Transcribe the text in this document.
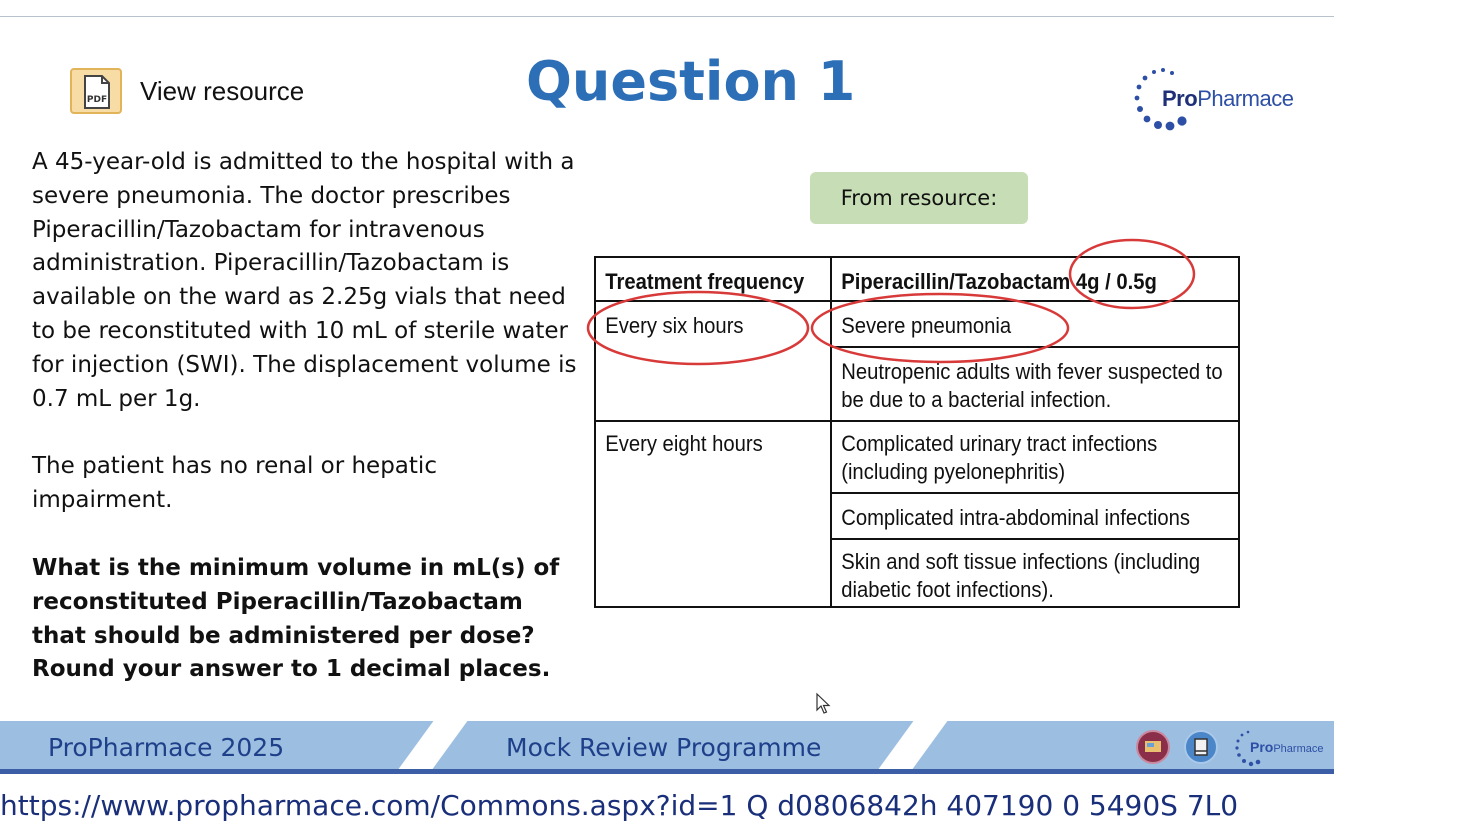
PDF View resource	Question 1	ProPharmace

A 45-year-old is admitted to the hospital with a severe pneumonia. The doctor prescribes Piperacillin/Tazobactam for intravenous administration. Piperacillin/Tazobactam is available on the ward as 2.25g vials that need to be reconstituted with 10 mL of sterile water for injection (SWI). The displacement volume is 0.7 mL per 1g.

The patient has no renal or hepatic impairment.

What is the minimum volume in mL(s) of reconstituted Piperacillin/Tazobactam that should be administered per dose? Round your answer to 1 decimal places.

From resource:
Treatment frequency	Piperacillin/Tazobactam 4g / 0.5g
Every six hours	Severe pneumonia
Neutropenic adults with fever suspected to be due to a bacterial infection.
Every eight hours	Complicated urinary tract infections (including pyelonephritis)
Complicated intra-abdominal infections
Skin and soft tissue infections (including diabetic foot infections).
ProPharmace 2025	Mock Review Programme	ProPharmace
https://www.propharmace.com/Commons.aspx?id=1 Q d0806842h 407190 0 5490S 7L0
